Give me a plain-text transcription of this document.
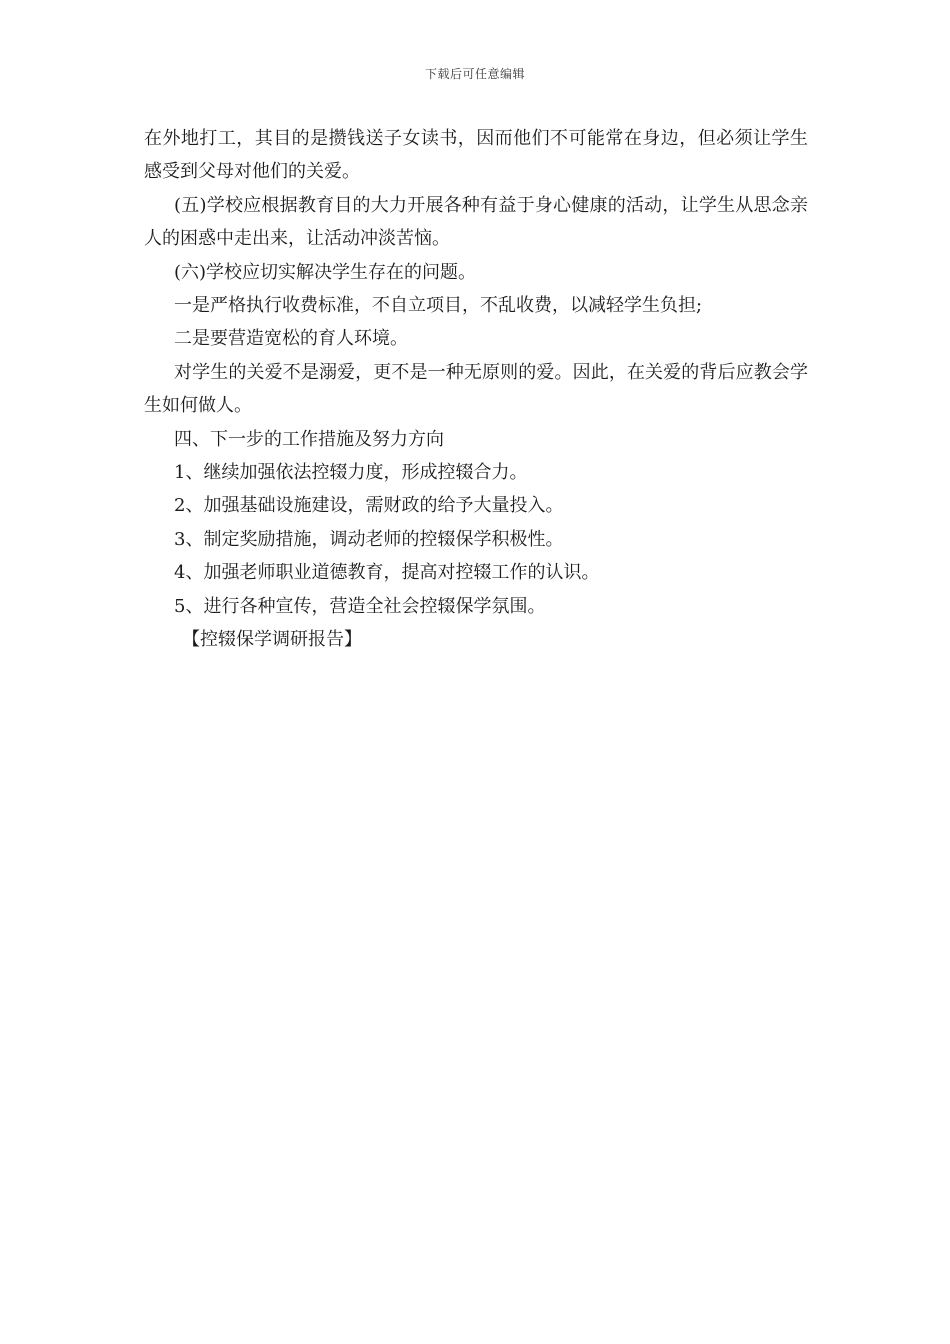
下载后可任意编辑

在外地打工，其目的是攒钱送子女读书，因而他们不可能常在身边，但必须让学生感受到父母对他们的关爱。

(五)学校应根据教育目的大力开展各种有益于身心健康的活动，让学生从思念亲人的困惑中走出来，让活动冲淡苦恼。

(六)学校应切实解决学生存在的问题。

一是严格执行收费标准，不自立项目，不乱收费，以减轻学生负担;

二是要营造宽松的育人环境。

对学生的关爱不是溺爱，更不是一种无原则的爱。因此，在关爱的背后应教会学生如何做人。

四、下一步的工作措施及努力方向

1、继续加强依法控辍力度，形成控辍合力。

2、加强基础设施建设，需财政的给予大量投入。

3、制定奖励措施，调动老师的控辍保学积极性。

4、加强老师职业道德教育，提高对控辍工作的认识。

5、进行各种宣传，营造全社会控辍保学氛围。

【控辍保学调研报告】
